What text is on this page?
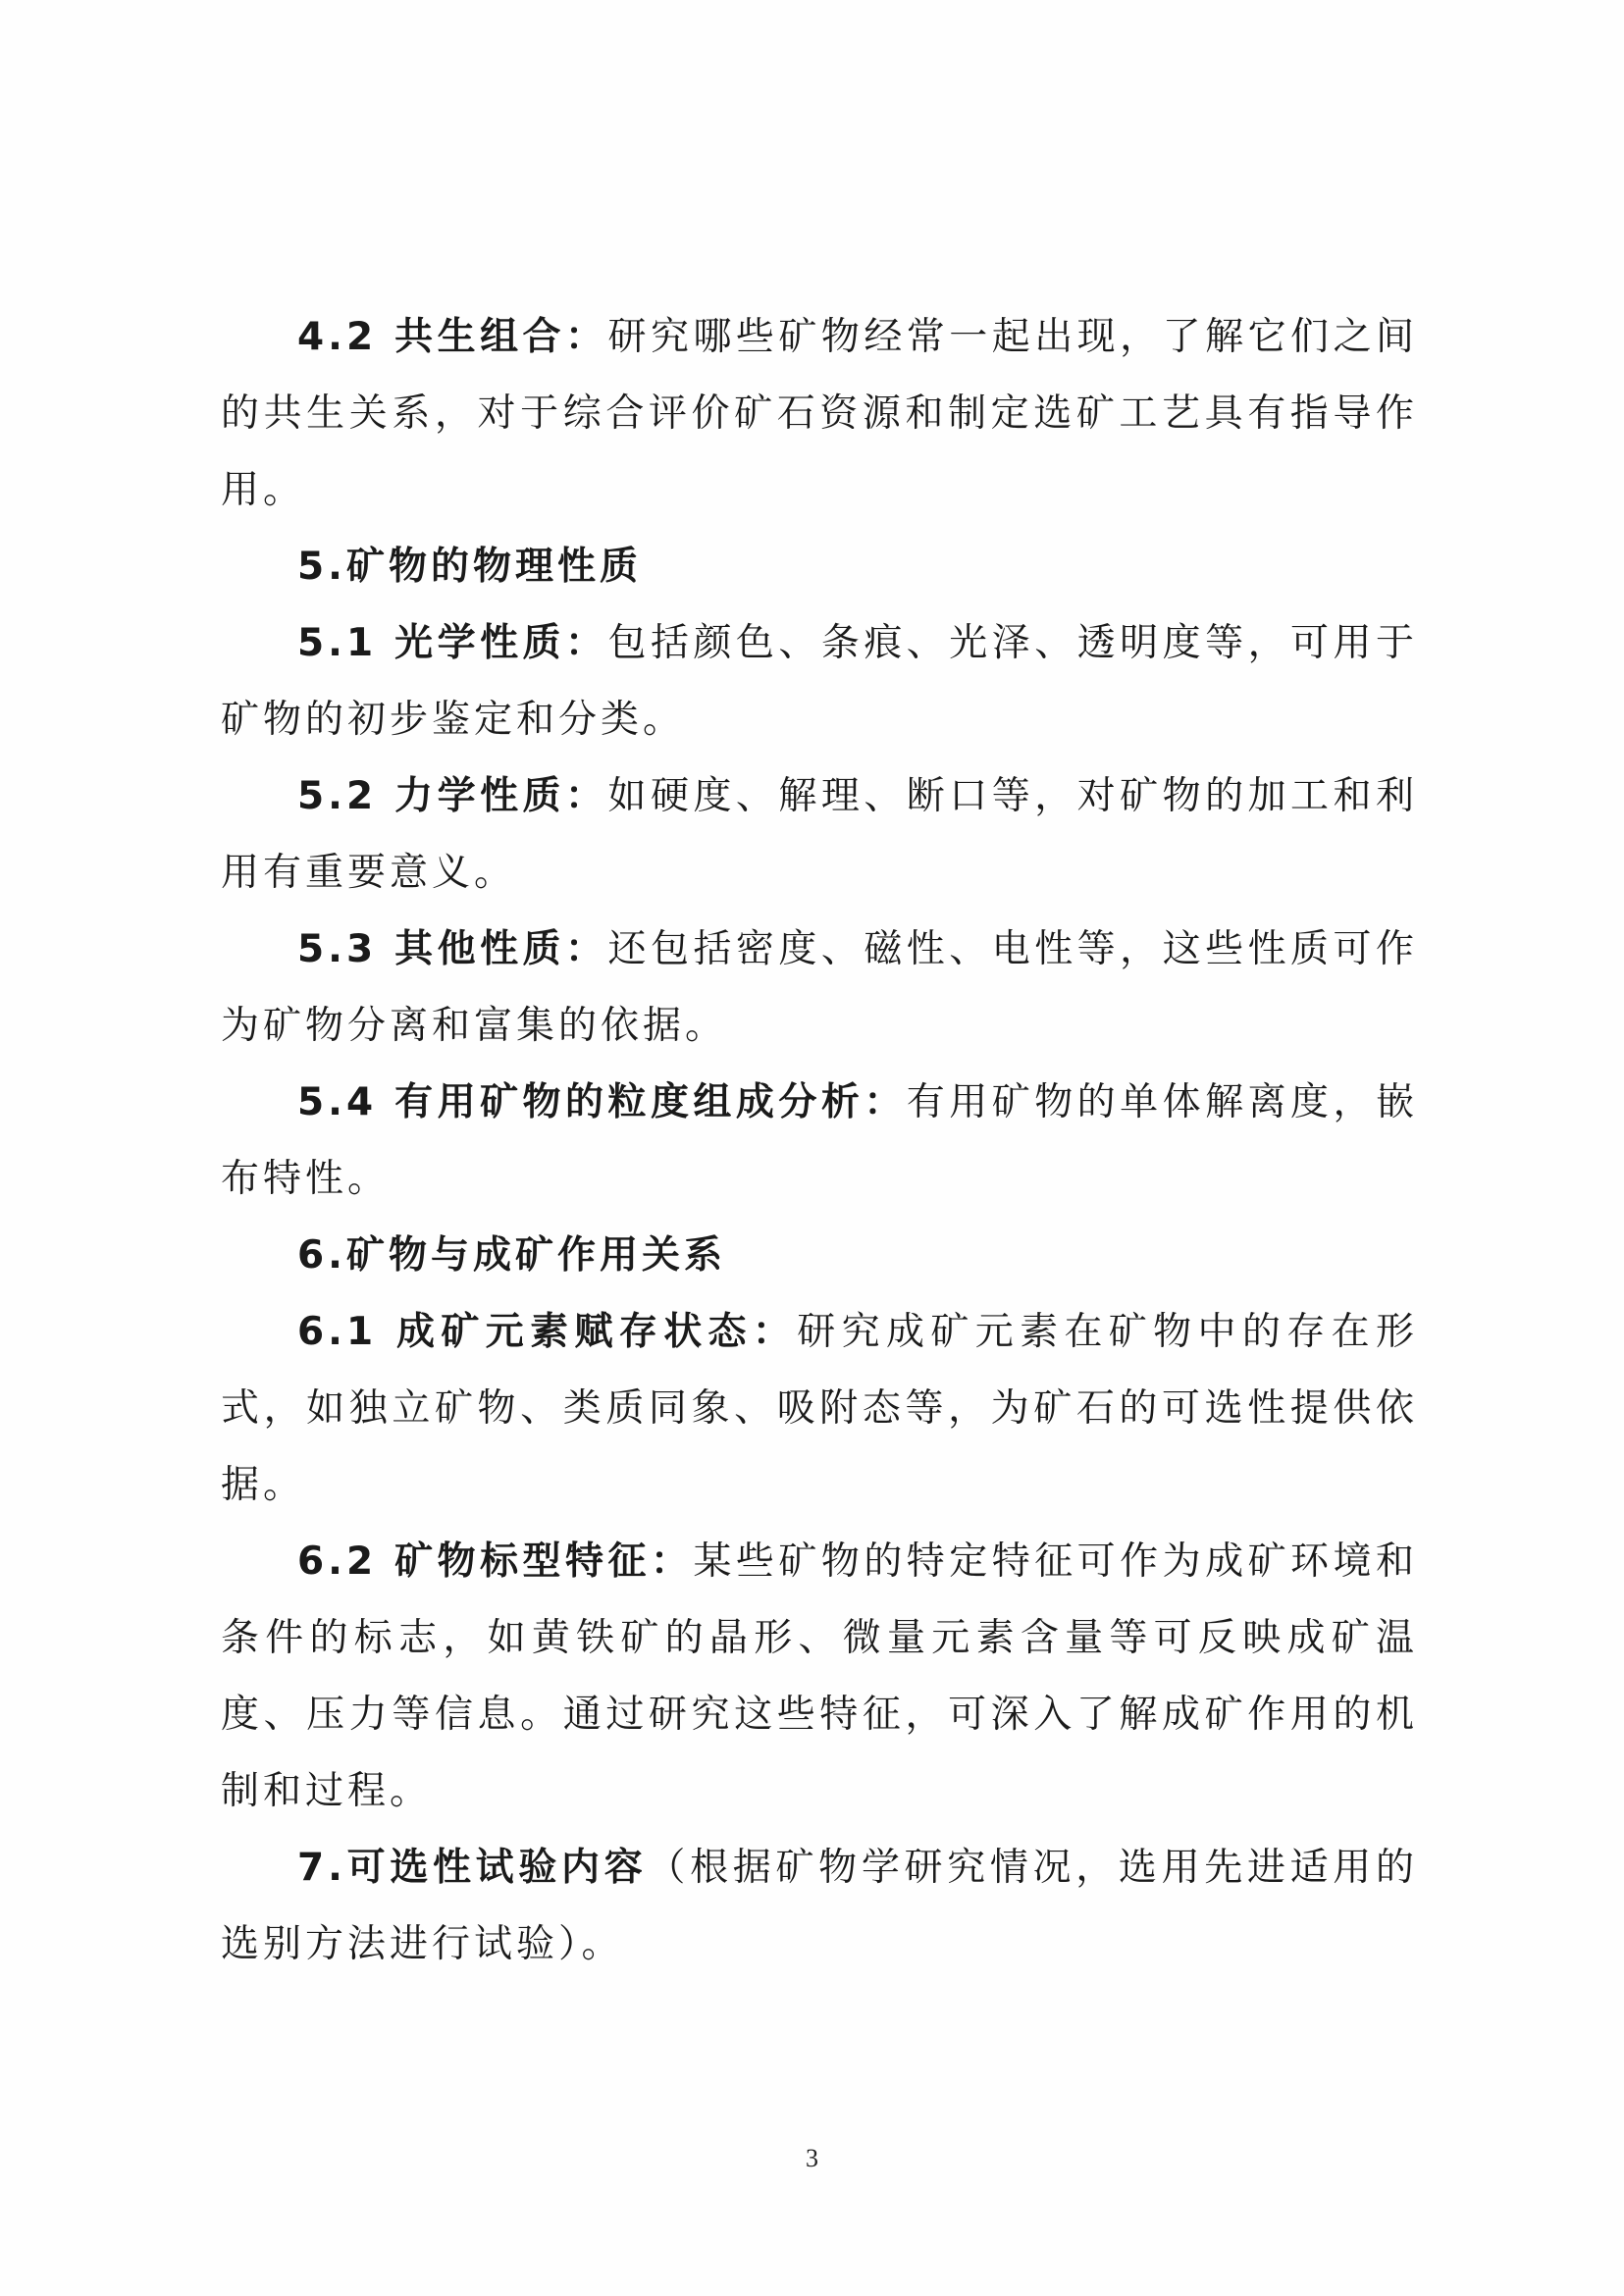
4.2 共生组合：研究哪些矿物经常一起出现，了解它们之间的共生关系，对于综合评价矿石资源和制定选矿工艺具有指导作用。

5.矿物的物理性质

5.1 光学性质：包括颜色、条痕、光泽、透明度等，可用于矿物的初步鉴定和分类。

5.2 力学性质：如硬度、解理、断口等，对矿物的加工和利用有重要意义。

5.3 其他性质：还包括密度、磁性、电性等，这些性质可作为矿物分离和富集的依据。

5.4 有用矿物的粒度组成分析：有用矿物的单体解离度，嵌布特性。

6.矿物与成矿作用关系

6.1 成矿元素赋存状态：研究成矿元素在矿物中的存在形式，如独立矿物、类质同象、吸附态等，为矿石的可选性提供依据。

6.2 矿物标型特征：某些矿物的特定特征可作为成矿环境和条件的标志，如黄铁矿的晶形、微量元素含量等可反映成矿温度、压力等信息。通过研究这些特征，可深入了解成矿作用的机制和过程。

7.可选性试验内容（根据矿物学研究情况，选用先进适用的选别方法进行试验）。

3
